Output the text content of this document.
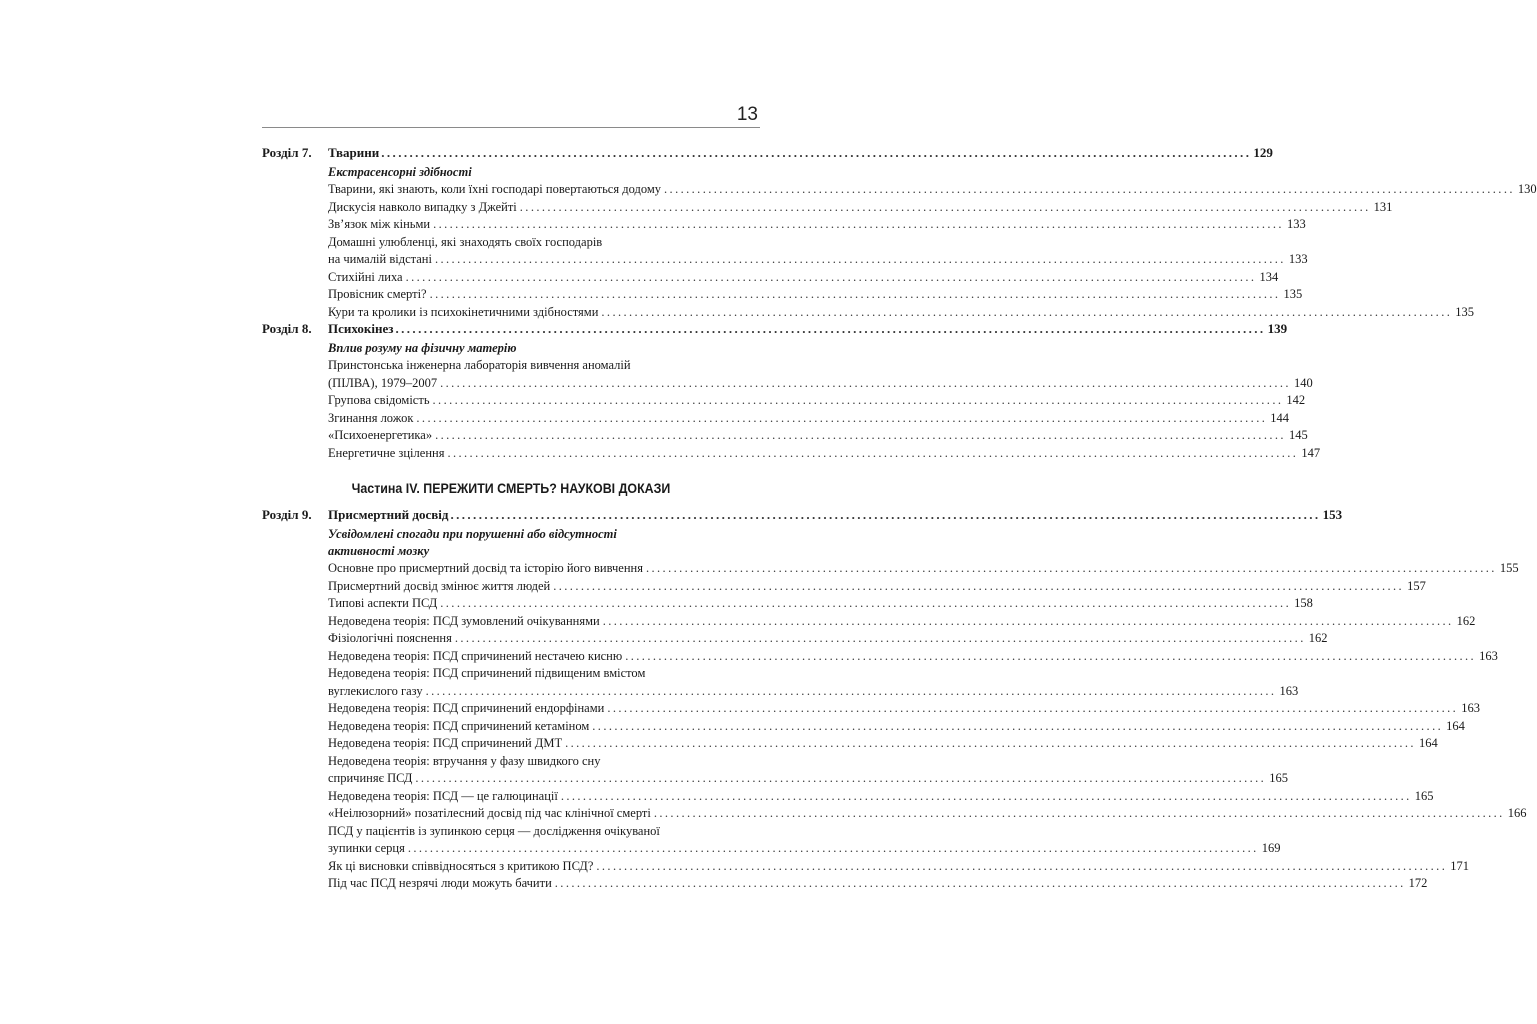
13
Розділ 7.	Тварини .......................................................................................................................................................... 129
Екстрасенсорні здібності
Тварини, які знають, коли їхні господарі повертаються додому .......................................................................................................................................................... 130
Дискусія навколо випадку з Джейті .......................................................................................................................................................... 131
Зв’язок між кіньми .......................................................................................................................................................... 133
Домашні улюбленці, які знаходять своїх господарів
на чималій відстані .......................................................................................................................................................... 133
Стихійні лиха .......................................................................................................................................................... 134
Провісник смерті? .......................................................................................................................................................... 135
Кури та кролики із психокінетичними здібностями .......................................................................................................................................................... 135
Розділ 8.	Психокінез .......................................................................................................................................................... 139
Вплив розуму на фізичну матерію
Принстонська інженерна лабораторія вивчення аномалій
(ПІЛВА), 1979–2007 .......................................................................................................................................................... 140
Групова свідомість .......................................................................................................................................................... 142
Згинання ложок .......................................................................................................................................................... 144
«Психоенергетика» .......................................................................................................................................................... 145
Енергетичне зцілення .......................................................................................................................................................... 147
Частина IV. ПЕРЕЖИТИ СМЕРТЬ? НАУКОВІ ДОКАЗИ
Розділ 9.	Присмертний досвід .......................................................................................................................................................... 153
Усвідомлені спогади при порушенні або відсутності
активності мозку
Основне про присмертний досвід та історію його вивчення .......................................................................................................................................................... 155
Присмертний досвід змінює життя людей .......................................................................................................................................................... 157
Типові аспекти ПСД .......................................................................................................................................................... 158
Недоведена теорія: ПСД зумовлений очікуваннями .......................................................................................................................................................... 162
Фізіологічні пояснення .......................................................................................................................................................... 162
Недоведена теорія: ПСД спричинений нестачею кисню .......................................................................................................................................................... 163
Недоведена теорія: ПСД спричинений підвищеним вмістом
вуглекислого газу .......................................................................................................................................................... 163
Недоведена теорія: ПСД спричинений ендорфінами .......................................................................................................................................................... 163
Недоведена теорія: ПСД спричинений кетаміном .......................................................................................................................................................... 164
Недоведена теорія: ПСД спричинений ДМТ .......................................................................................................................................................... 164
Недоведена теорія: втручання у фазу швидкого сну
спричиняє ПСД .......................................................................................................................................................... 165
Недоведена теорія: ПСД — це галюцинації .......................................................................................................................................................... 165
«Неілюзорний» позатілесний досвід під час клінічної смерті .......................................................................................................................................................... 166
ПСД у пацієнтів із зупинкою серця — дослідження очікуваної
зупинки серця .......................................................................................................................................................... 169
Як ці висновки співвідносяться з критикою ПСД? .......................................................................................................................................................... 171
Під час ПСД незрячі люди можуть бачити .......................................................................................................................................................... 172
